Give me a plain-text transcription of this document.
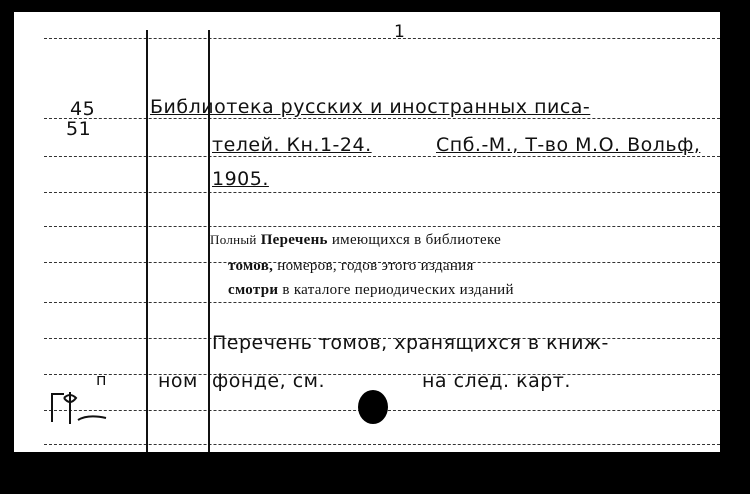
1
45
51
Библиотека русских и иностранных писа-
телей. Кн.1-24.	Спб.-М., Т-во М.О. Вольф,
1905.
Полный Перечень имеющихся в библиотеке
томов, номеров, годов этого издания
смотри в каталоге периодических изданий
Перечень томов, хранящихся в книж-
ном фонде, см.	на след. карт.
п
